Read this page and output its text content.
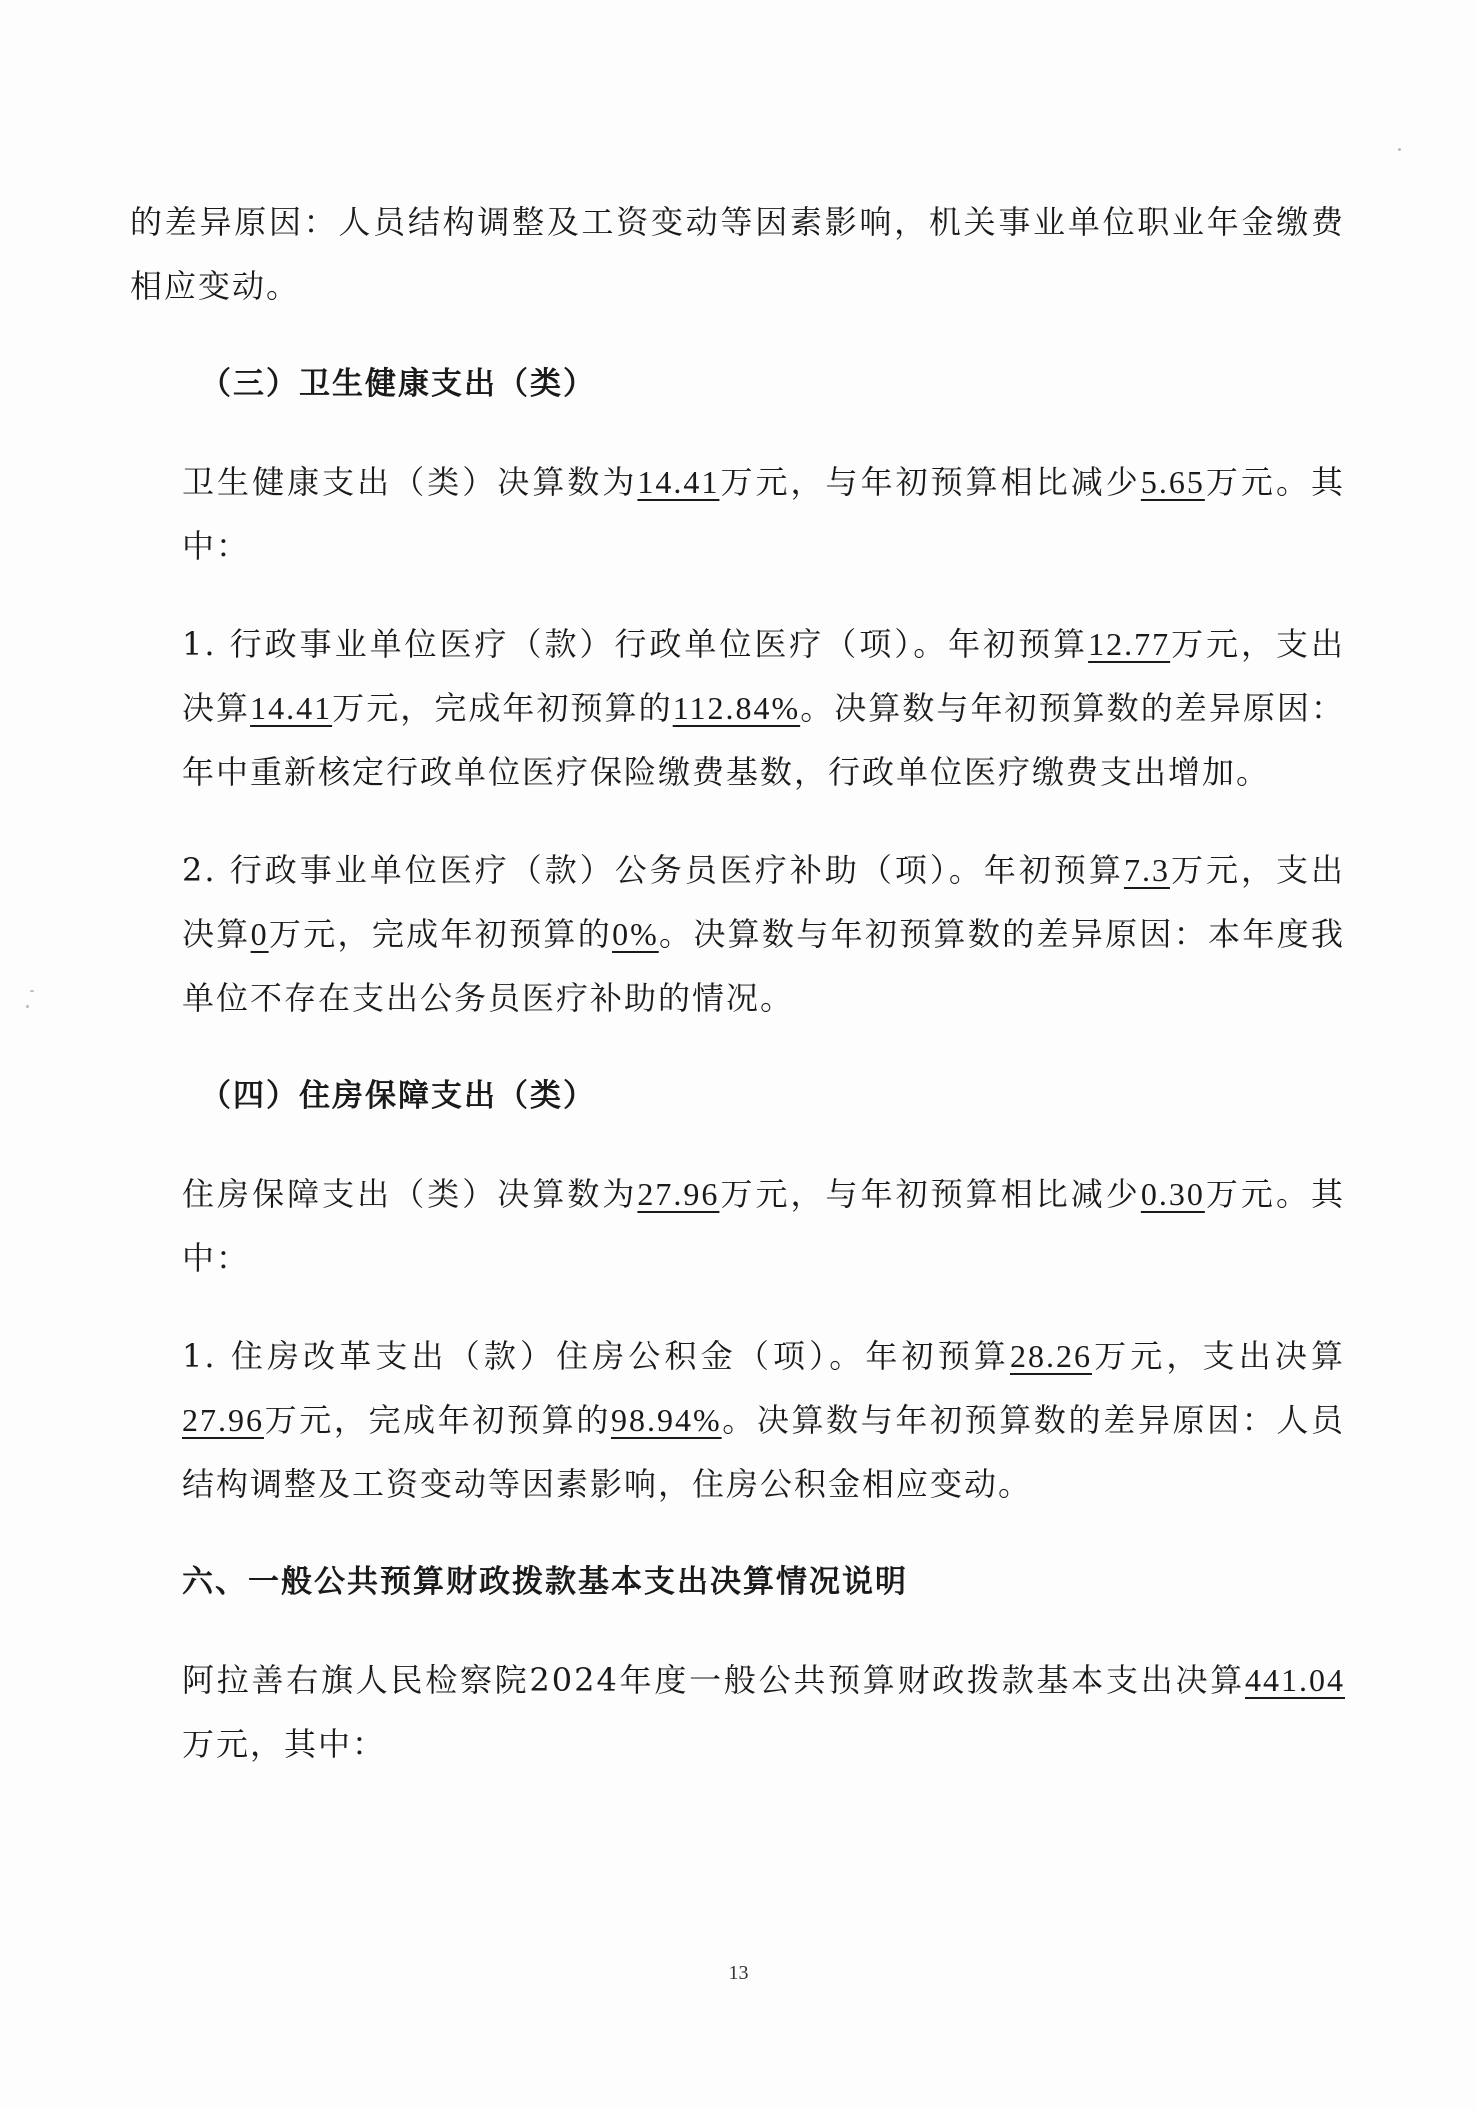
的差异原因：人员结构调整及工资变动等因素影响，机关事业单位职业年金缴费相应变动。

（三）卫生健康支出（类）

卫生健康支出（类）决算数为14.41万元，与年初预算相比减少5.65万元。其中：

1. 行政事业单位医疗（款）行政单位医疗（项）。年初预算12.77万元，支出决算14.41万元，完成年初预算的112.84%。决算数与年初预算数的差异原因：年中重新核定行政单位医疗保险缴费基数，行政单位医疗缴费支出增加。

2. 行政事业单位医疗（款）公务员医疗补助（项）。年初预算7.3万元，支出决算0万元，完成年初预算的0%。决算数与年初预算数的差异原因：本年度我单位不存在支出公务员医疗补助的情况。

（四）住房保障支出（类）

住房保障支出（类）决算数为27.96万元，与年初预算相比减少0.30万元。其中：

1. 住房改革支出（款）住房公积金（项）。年初预算28.26万元，支出决算27.96万元，完成年初预算的98.94%。决算数与年初预算数的差异原因：人员结构调整及工资变动等因素影响，住房公积金相应变动。

六、一般公共预算财政拨款基本支出决算情况说明

阿拉善右旗人民检察院2024年度一般公共预算财政拨款基本支出决算441.04万元，其中：

13
